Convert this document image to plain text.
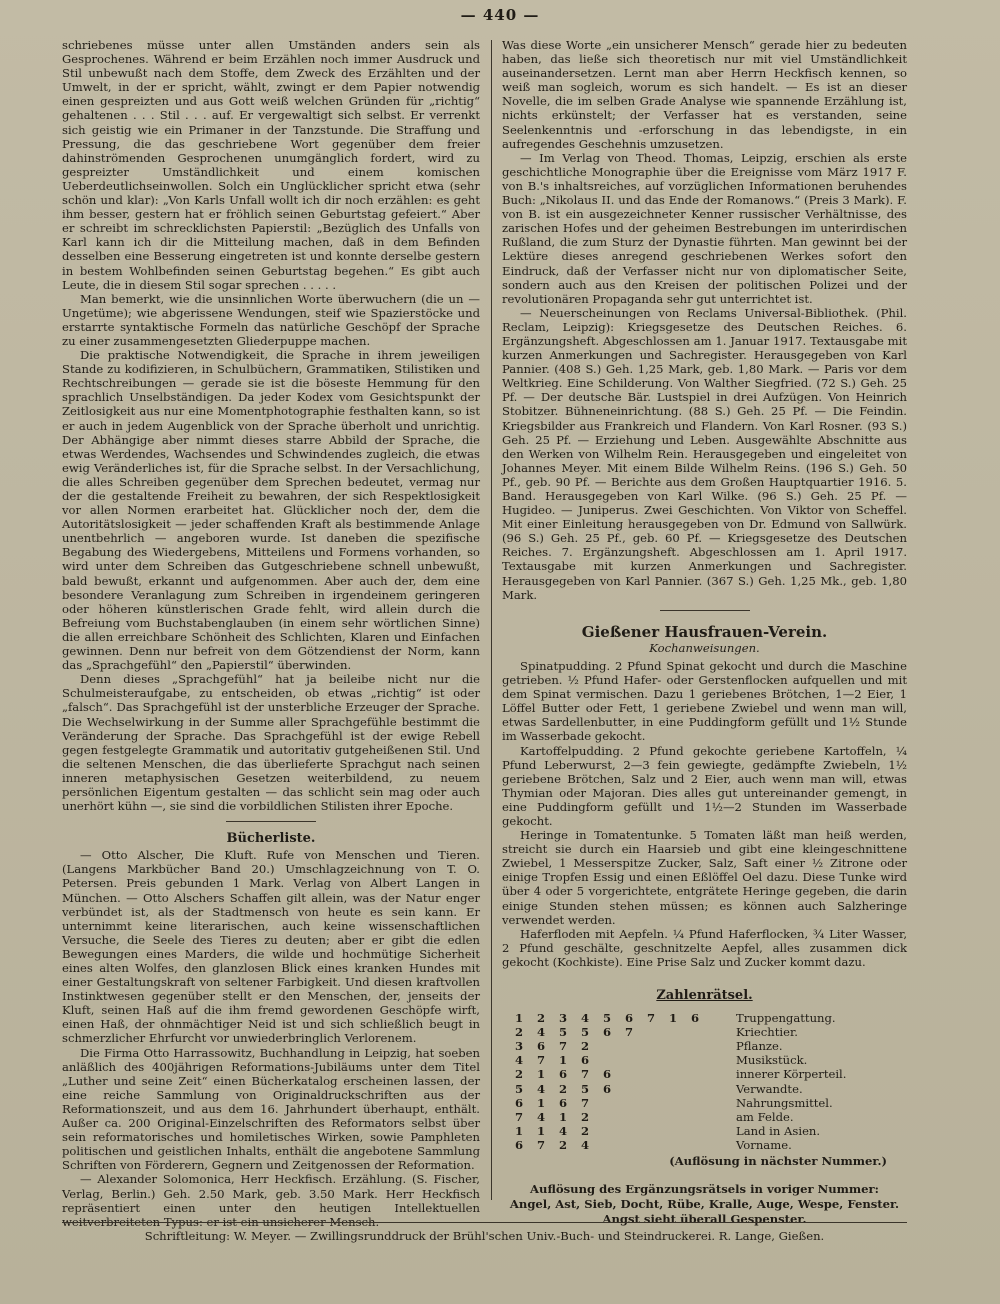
— 440 —

schriebenes müsse unter allen Umständen anders sein als Gesprochenes. Während er beim Erzählen noch immer Ausdruck und Stil unbewußt nach dem Stoffe, dem Zweck des Erzählten und der Umwelt, in der er spricht, wählt, zwingt er dem Papier notwendig einen gespreizten und aus Gott weiß welchen Gründen für „richtig“ gehaltenen . . . Stil . . . auf. Er vergewaltigt sich selbst. Er verrenkt sich geistig wie ein Primaner in der Tanzstunde. Die Straffung und Pressung, die das geschriebene Wort gegenüber dem freier dahinströmenden Gesprochenen unumgänglich fordert, wird zu gespreizter Umständlichkeit und einem komischen Ueberdeutlichseinwollen. Solch ein Unglücklicher spricht etwa (sehr schön und klar): „Von Karls Unfall wollt ich dir noch erzählen: es geht ihm besser, gestern hat er fröhlich seinen Geburtstag gefeiert.“ Aber er schreibt im schrecklichsten Papierstil: „Bezüglich des Unfalls von Karl kann ich dir die Mitteilung machen, daß in dem Befinden desselben eine Besserung eingetreten ist und konnte derselbe gestern in bestem Wohlbefinden seinen Geburtstag begehen.“ Es gibt auch Leute, die in diesem Stil sogar sprechen . . . . .

Man bemerkt, wie die unsinnlichen Worte überwuchern (die un — Ungetüme); wie abgerissene Wendungen, steif wie Spazierstöcke und erstarrte syntaktische Formeln das natürliche Geschöpf der Sprache zu einer zusammengesetzten Gliederpuppe machen.

Die praktische Notwendigkeit, die Sprache in ihrem jeweiligen Stande zu kodifizieren, in Schulbüchern, Grammatiken, Stilistiken und Rechtschreibungen — gerade sie ist die böseste Hemmung für den sprachlich Unselbständigen. Da jeder Kodex vom Gesichtspunkt der Zeitlosigkeit aus nur eine Momentphotographie festhalten kann, so ist er auch in jedem Augenblick von der Sprache überholt und unrichtig. Der Abhängige aber nimmt dieses starre Abbild der Sprache, die etwas Werdendes, Wachsendes und Schwindendes zugleich, die etwas ewig Veränderliches ist, für die Sprache selbst. In der Versachlichung, die alles Schreiben gegenüber dem Sprechen bedeutet, vermag nur der die gestaltende Freiheit zu bewahren, der sich Respektlosigkeit vor allen Normen erarbeitet hat. Glücklicher noch der, dem die Autoritätslosigkeit — jeder schaffenden Kraft als bestimmende Anlage unentbehrlich — angeboren wurde. Ist daneben die spezifische Begabung des Wiedergebens, Mitteilens und Formens vorhanden, so wird unter dem Schreiben das Gutgeschriebene schnell unbewußt, bald bewußt, erkannt und aufgenommen. Aber auch der, dem eine besondere Veranlagung zum Schreiben in irgendeinem geringeren oder höheren künstlerischen Grade fehlt, wird allein durch die Befreiung vom Buchstabenglauben (in einem sehr wörtlichen Sinne) die allen erreichbare Schönheit des Schlichten, Klaren und Einfachen gewinnen. Denn nur befreit von dem Götzendienst der Norm, kann das „Sprachgefühl“ den „Papierstil“ überwinden.

Denn dieses „Sprachgefühl“ hat ja beileibe nicht nur die Schulmeisteraufgabe, zu entscheiden, ob etwas „richtig“ ist oder „falsch“. Das Sprachgefühl ist der unsterbliche Erzeuger der Sprache. Die Wechselwirkung in der Summe aller Sprachgefühle bestimmt die Veränderung der Sprache. Das Sprachgefühl ist der ewige Rebell gegen festgelegte Grammatik und autoritativ gutgeheißenen Stil. Und die seltenen Menschen, die das überlieferte Sprachgut nach seinen inneren metaphysischen Gesetzen weiterbildend, zu neuem persönlichen Eigentum gestalten — das schlicht sein mag oder auch unerhört kühn —, sie sind die vorbildlichen Stilisten ihrer Epoche.

Bücherliste.

— Otto Alscher, Die Kluft. Rufe von Menschen und Tieren. (Langens Markbücher Band 20.) Umschlagzeichnung von T. O. Petersen. Preis gebunden 1 Mark. Verlag von Albert Langen in München. — Otto Alschers Schaffen gilt allein, was der Natur enger verbündet ist, als der Stadtmensch von heute es sein kann. Er unternimmt keine literarischen, auch keine wissenschaftlichen Versuche, die Seele des Tieres zu deuten; aber er gibt die edlen Bewegungen eines Marders, die wilde und hochmütige Sicherheit eines alten Wolfes, den glanzlosen Blick eines kranken Hundes mit einer Gestaltungskraft von seltener Farbigkeit. Und diesen kraftvollen Instinktwesen gegenüber stellt er den Menschen, der, jenseits der Kluft, seinen Haß auf die ihm fremd gewordenen Geschöpfe wirft, einen Haß, der ohnmächtiger Neid ist und sich schließlich beugt in schmerzlicher Ehrfurcht vor unwiederbringlich Verlorenem.

Die Firma Otto Harrassowitz, Buchhandlung in Leipzig, hat soeben anläßlich des 400jährigen Reformations-Jubiläums unter dem Titel „Luther und seine Zeit“ einen Bücherkatalog erscheinen lassen, der eine reiche Sammlung von Originaldruckschriften aus der Reformationszeit, und aus dem 16. Jahrhundert überhaupt, enthält. Außer ca. 200 Original-Einzelschriften des Reformators selbst über sein reformatorisches und homiletisches Wirken, sowie Pamphleten politischen und geistlichen Inhalts, enthält die angebotene Sammlung Schriften von Förderern, Gegnern und Zeitgenossen der Reformation.

— Alexander Solomonica, Herr Heckfisch. Erzählung. (S. Fischer, Verlag, Berlin.) Geh. 2.50 Mark, geb. 3.50 Mark. Herr Heckfisch repräsentiert einen unter den heutigen Intellektuellen weitverbreiteten Typus: er ist ein unsicherer Mensch.

Was diese Worte „ein unsicherer Mensch“ gerade hier zu bedeuten haben, das ließe sich theoretisch nur mit viel Umständlichkeit auseinandersetzen. Lernt man aber Herrn Heckfisch kennen, so weiß man sogleich, worum es sich handelt. — Es ist an dieser Novelle, die im selben Grade Analyse wie spannende Erzählung ist, nichts erkünstelt; der Verfasser hat es verstanden, seine Seelenkenntnis und -erforschung in das lebendigste, in ein aufregendes Geschehnis umzusetzen.

— Im Verlag von Theod. Thomas, Leipzig, erschien als erste geschichtliche Monographie über die Ereignisse vom März 1917 F. von B.'s inhaltsreiches, auf vorzüglichen Informationen beruhendes Buch: „Nikolaus II. und das Ende der Romanows.“ (Preis 3 Mark). F. von B. ist ein ausgezeichneter Kenner russischer Verhältnisse, des zarischen Hofes und der geheimen Bestrebungen im unterirdischen Rußland, die zum Sturz der Dynastie führten. Man gewinnt bei der Lektüre dieses anregend geschriebenen Werkes sofort den Eindruck, daß der Verfasser nicht nur von diplomatischer Seite, sondern auch aus den Kreisen der politischen Polizei und der revolutionären Propaganda sehr gut unterrichtet ist.

— Neuerscheinungen von Reclams Universal-Bibliothek. (Phil. Reclam, Leipzig): Kriegsgesetze des Deutschen Reiches. 6. Ergänzungsheft. Abgeschlossen am 1. Januar 1917. Textausgabe mit kurzen Anmerkungen und Sachregister. Herausgegeben von Karl Pannier. (408 S.) Geh. 1,25 Mark, geb. 1,80 Mark. — Paris vor dem Weltkrieg. Eine Schilderung. Von Walther Siegfried. (72 S.) Geh. 25 Pf. — Der deutsche Bär. Lustspiel in drei Aufzügen. Von Heinrich Stobitzer. Bühneneinrichtung. (88 S.) Geh. 25 Pf. — Die Feindin. Kriegsbilder aus Frankreich und Flandern. Von Karl Rosner. (93 S.) Geh. 25 Pf. — Erziehung und Leben. Ausgewählte Abschnitte aus den Werken von Wilhelm Rein. Herausgegeben und eingeleitet von Johannes Meyer. Mit einem Bilde Wilhelm Reins. (196 S.) Geh. 50 Pf., geb. 90 Pf. — Berichte aus dem Großen Hauptquartier 1916. 5. Band. Herausgegeben von Karl Wilke. (96 S.) Geh. 25 Pf. — Hugideo. — Juniperus. Zwei Geschichten. Von Viktor von Scheffel. Mit einer Einleitung herausgegeben von Dr. Edmund von Sallwürk. (96 S.) Geh. 25 Pf., geb. 60 Pf. — Kriegsgesetze des Deutschen Reiches. 7. Ergänzungsheft. Abgeschlossen am 1. April 1917. Textausgabe mit kurzen Anmerkungen und Sachregister. Herausgegeben von Karl Pannier. (367 S.) Geh. 1,25 Mk., geb. 1,80 Mark.

Gießener Hausfrauen-Verein.
Kochanweisungen.

Spinatpudding. 2 Pfund Spinat gekocht und durch die Maschine getrieben. ½ Pfund Hafer- oder Gerstenflocken aufquellen und mit dem Spinat vermischen. Dazu 1 geriebenes Brötchen, 1—2 Eier, 1 Löffel Butter oder Fett, 1 geriebene Zwiebel und wenn man will, etwas Sardellenbutter, in eine Puddingform gefüllt und 1½ Stunde im Wasserbade gekocht.

Kartoffelpudding. 2 Pfund gekochte geriebene Kartoffeln, ¼ Pfund Leberwurst, 2—3 fein gewiegte, gedämpfte Zwiebeln, 1½ geriebene Brötchen, Salz und 2 Eier, auch wenn man will, etwas Thymian oder Majoran. Dies alles gut untereinander gemengt, in eine Puddingform gefüllt und 1½—2 Stunden im Wasserbade gekocht.

Heringe in Tomatentunke. 5 Tomaten läßt man heiß werden, streicht sie durch ein Haarsieb und gibt eine kleingeschnittene Zwiebel, 1 Messerspitze Zucker, Salz, Saft einer ½ Zitrone oder einige Tropfen Essig und einen Eßlöffel Oel dazu. Diese Tunke wird über 4 oder 5 vorgerichtete, entgrätete Heringe gegeben, die darin einige Stunden stehen müssen; es können auch Salzheringe verwendet werden.

Haferfloden mit Aepfeln. ¼ Pfund Haferflocken, ¾ Liter Wasser, 2 Pfund geschälte, geschnitzelte Aepfel, alles zusammen dick gekocht (Kochkiste). Eine Prise Salz und Zucker kommt dazu.

Zahlenrätsel.
1	2	3	4	5	6	7	1	6	Truppengattung.
2	4	5	5	6	7				Kriechtier.
3	6	7	2						Pflanze.
4	7	1	6						Musikstück.
2	1	6	7	6					innerer Körperteil.
5	4	2	5	6					Verwandte.
6	1	6	7						Nahrungsmittel.
7	4	1	2						am Felde.
1	1	4	2						Land in Asien.
6	7	2	4						Vorname.
(Auflösung in nächster Nummer.)
Auflösung des Ergänzungsrätsels in voriger Nummer:
Angel, Ast, Sieb, Docht, Rübe, Kralle, Auge, Wespe, Fenster.
Angst sieht überall Gespenster.
Schriftleitung: W. Meyer. — Zwillingsrunddruck der Brühl'schen Univ.-Buch- und Steindruckerei. R. Lange, Gießen.
